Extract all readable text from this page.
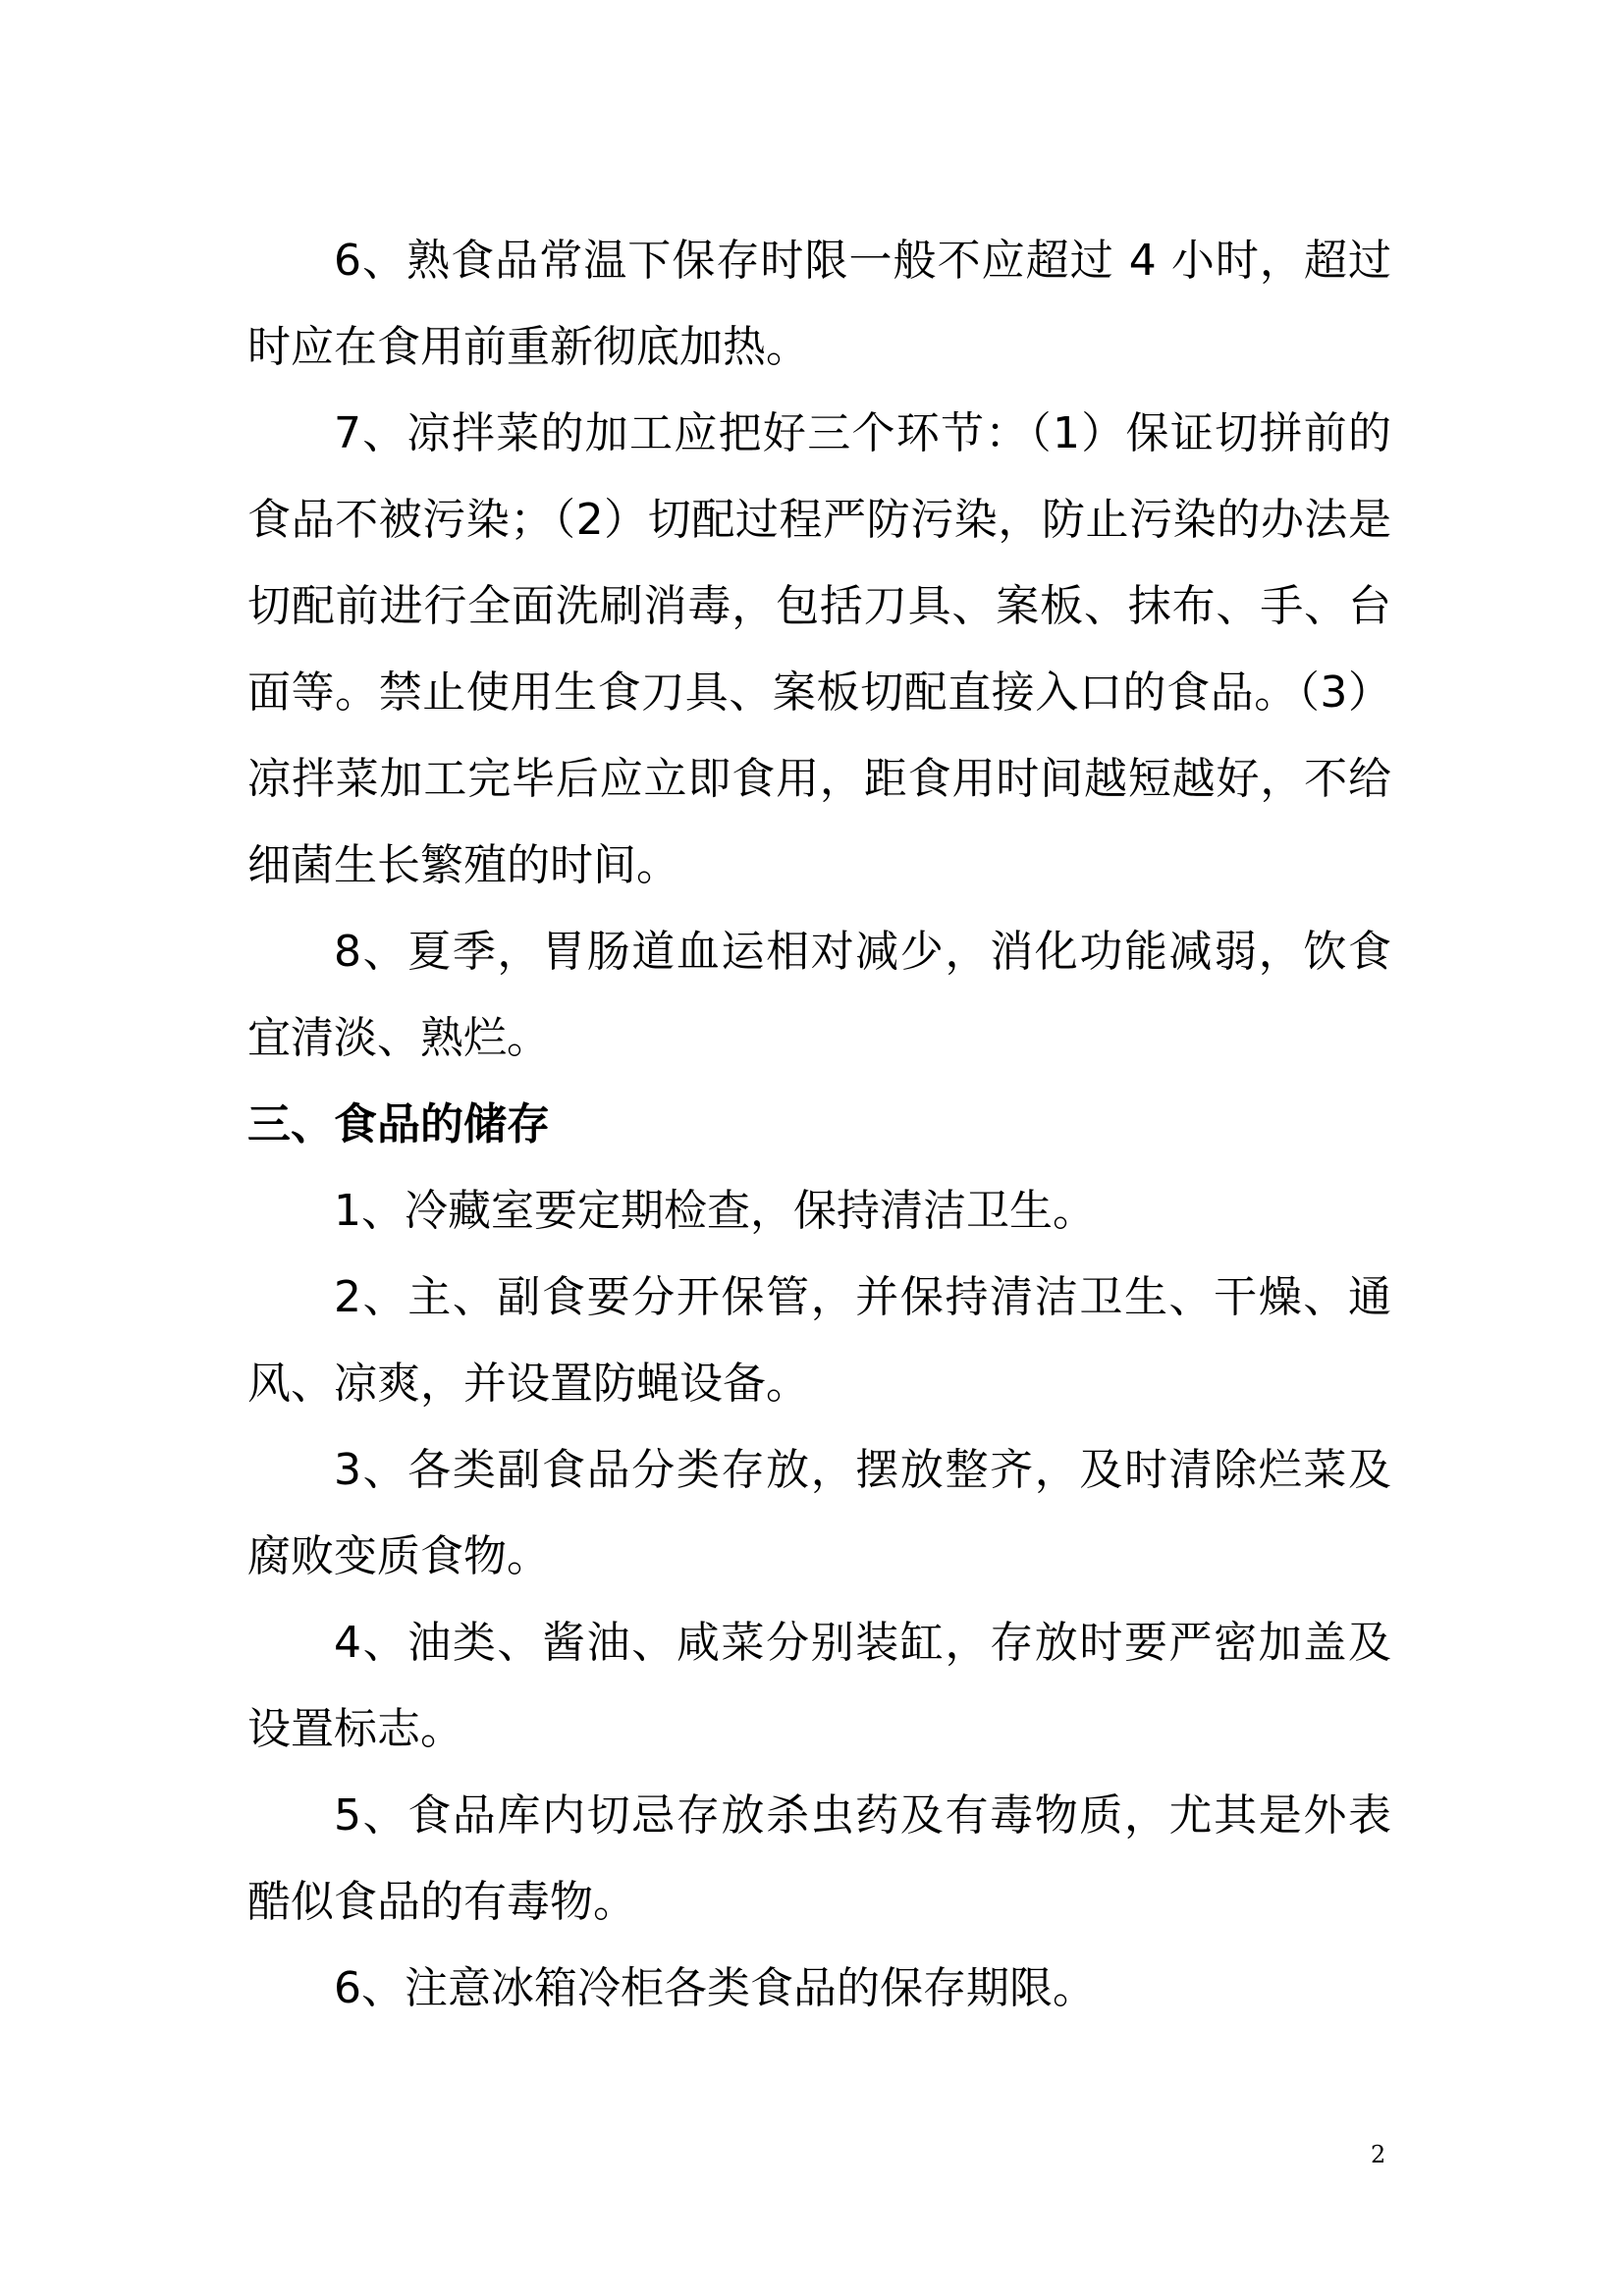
6、熟食品常温下保存时限一般不应超过 4 小时，超过时应在食用前重新彻底加热。

7、凉拌菜的加工应把好三个环节：（1）保证切拼前的食品不被污染；（2）切配过程严防污染，防止污染的办法是切配前进行全面洗刷消毒，包括刀具、案板、抹布、手、台面等。禁止使用生食刀具、案板切配直接入口的食品。（3）凉拌菜加工完毕后应立即食用，距食用时间越短越好，不给细菌生长繁殖的时间。

8、夏季，胃肠道血运相对减少，消化功能减弱，饮食宜清淡、熟烂。

三、食品的储存

1、冷藏室要定期检查，保持清洁卫生。

2、主、副食要分开保管，并保持清洁卫生、干燥、通风、凉爽，并设置防蝇设备。

3、各类副食品分类存放，摆放整齐，及时清除烂菜及腐败变质食物。

4、油类、酱油、咸菜分别装缸，存放时要严密加盖及设置标志。

5、食品库内切忌存放杀虫药及有毒物质，尤其是外表酷似食品的有毒物。

6、注意冰箱冷柜各类食品的保存期限。

2
